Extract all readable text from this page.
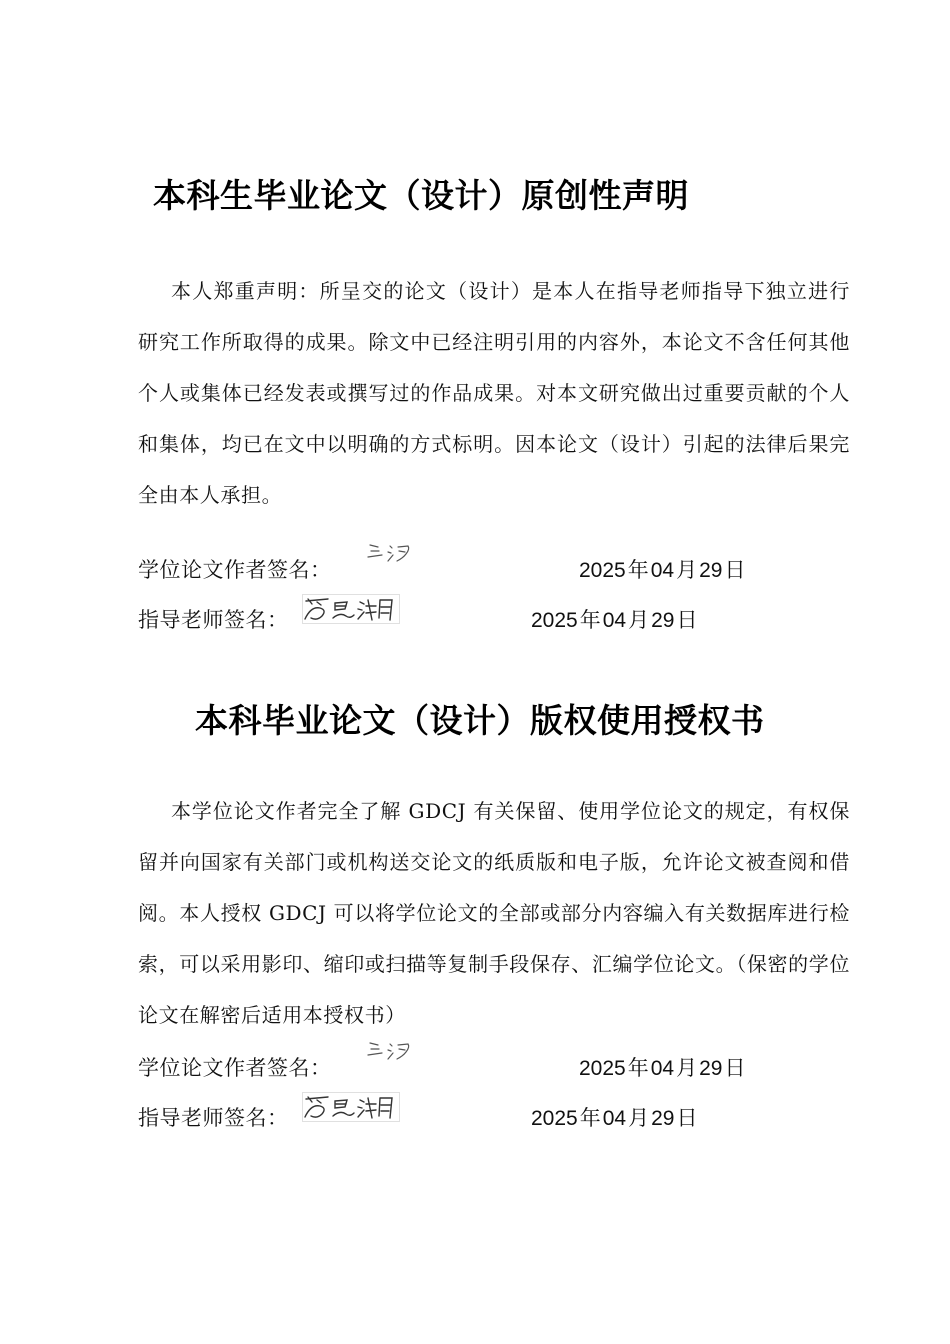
本科生毕业论文（设计）原创性声明

本人郑重声明：所呈交的论文（设计）是本人在指导老师指导下独立进行研究工作所取得的成果。除文中已经注明引用的内容外，本论文不含任何其他个人或集体已经发表或撰写过的作品成果。对本文研究做出过重要贡献的个人和集体，均已在文中以明确的方式标明。因本论文（设计）引起的法律后果完全由本人承担。

学位论文作者签名：	2025年04月29日
指导老师签名：	2025年04月29日
本科毕业论文（设计）版权使用授权书

本学位论文作者完全了解 GDCJ 有关保留、使用学位论文的规定，有权保留并向国家有关部门或机构送交论文的纸质版和电子版，允许论文被查阅和借阅。本人授权 GDCJ 可以将学位论文的全部或部分内容编入有关数据库进行检索，可以采用影印、缩印或扫描等复制手段保存、汇编学位论文。（保密的学位论文在解密后适用本授权书）

学位论文作者签名：	2025年04月29日
指导老师签名：	2025年04月29日
